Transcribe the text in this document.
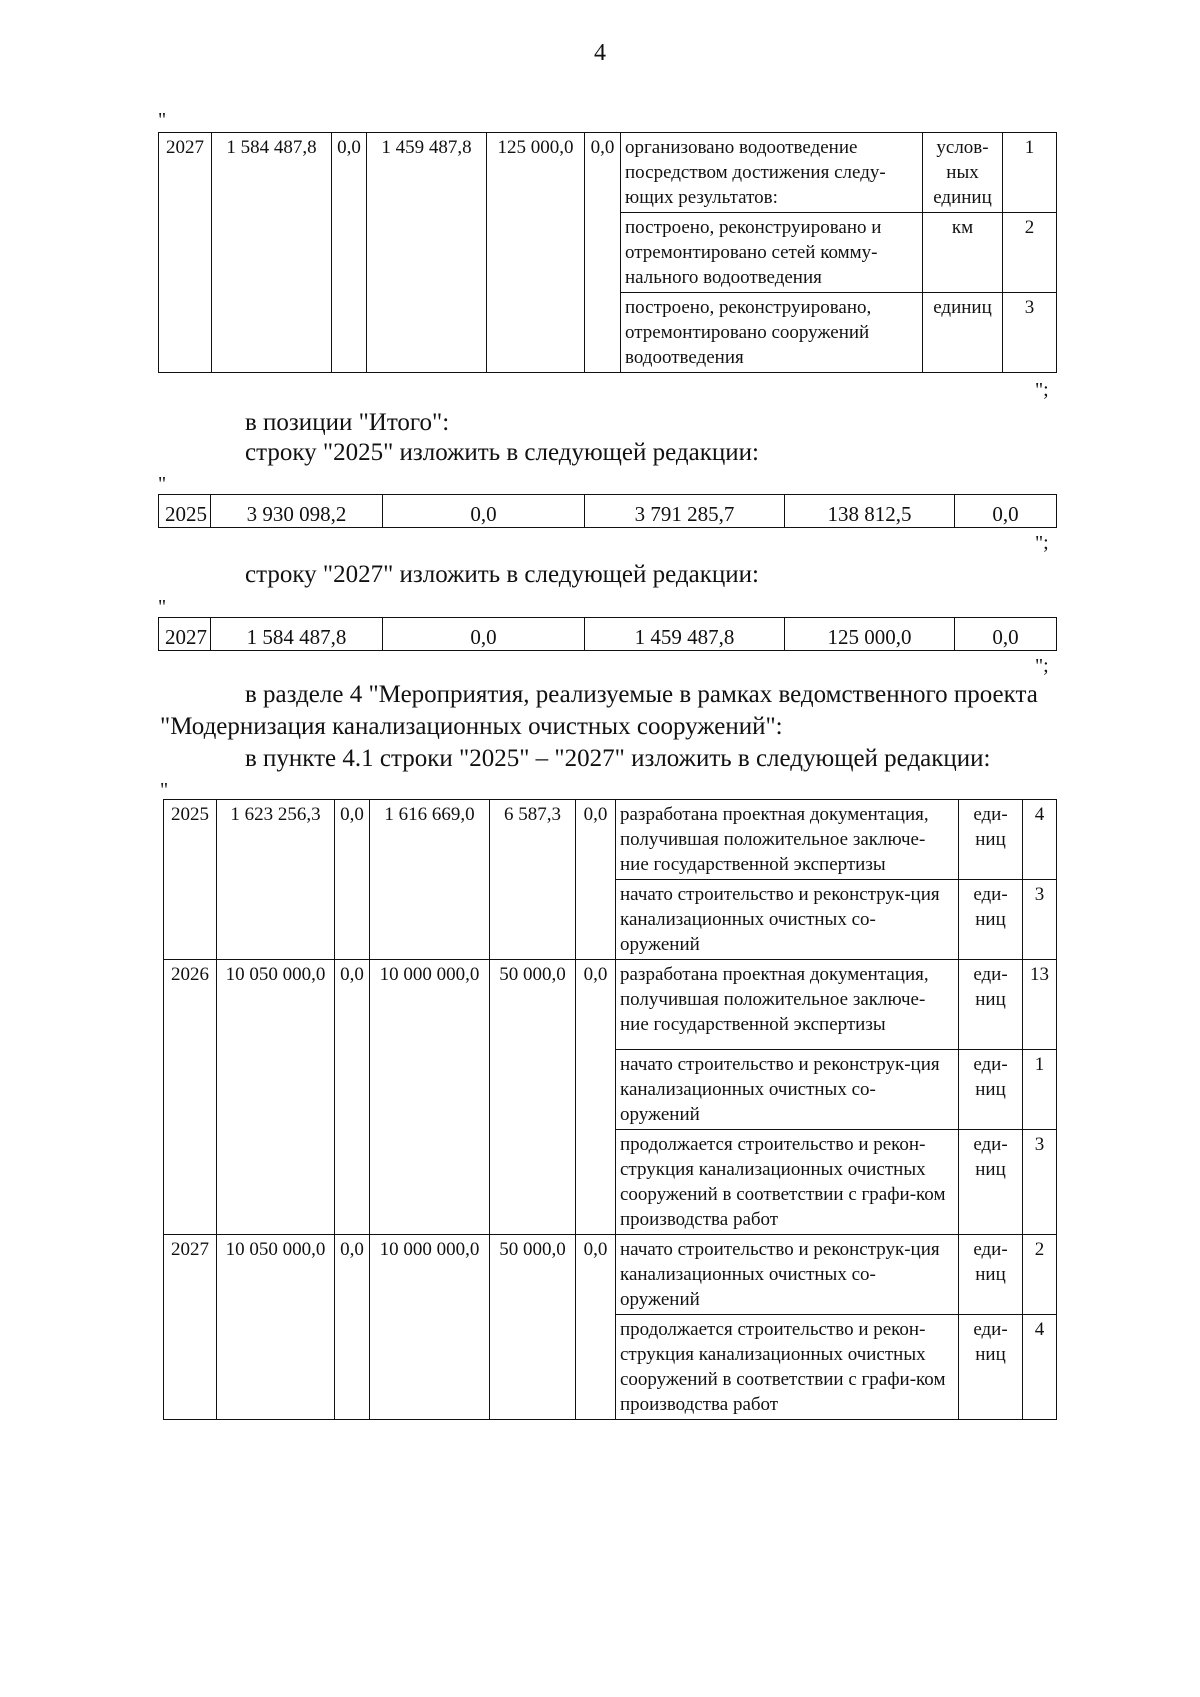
4
"
2027	1 584 487,8	0,0	1 459 487,8	125 000,0	0,0	организовано водоотведение посредством достижения следу-ющих результатов:	услов-ных единиц	1
						построено, реконструировано и отремонтировано сетей комму-нального водоотведения	км	2
						построено, реконструировано, отремонтировано сооружений водоотведения	единиц	3
";
в позиции "Итого":
строку "2025" изложить в следующей редакции:
"
2025	3 930 098,2	0,0	3 791 285,7	138 812,5	0,0
";
строку "2027" изложить в следующей редакции:
"
2027	1 584 487,8	0,0	1 459 487,8	125 000,0	0,0
";
в разделе 4 "Мероприятия, реализуемые в рамках ведомственного проекта
"Модернизация канализационных очистных сооружений":
в пункте 4.1 строки "2025" – "2027" изложить в следующей редакции:
"
2025	1 623 256,3	0,0	1 616 669,0	6 587,3	0,0	разработана проектная документация, получившая положительное заключе-ние государственной экспертизы	еди-ниц	4
						начато строительство и реконструк-ция канализационных очистных со-оружений	еди-ниц	3
2026	10 050 000,0	0,0	10 000 000,0	50 000,0	0,0	разработана проектная документация, получившая положительное заключе-ние государственной экспертизы	еди-ниц	13
						начато строительство и реконструк-ция канализационных очистных со-оружений	еди-ниц	1
						продолжается строительство и рекон-струкция канализационных очистных сооружений в соответствии с графи-ком производства работ	еди-ниц	3
2027	10 050 000,0	0,0	10 000 000,0	50 000,0	0,0	начато строительство и реконструк-ция канализационных очистных со-оружений	еди-ниц	2
						продолжается строительство и рекон-струкция канализационных очистных сооружений в соответствии с графи-ком производства работ	еди-ниц	4
